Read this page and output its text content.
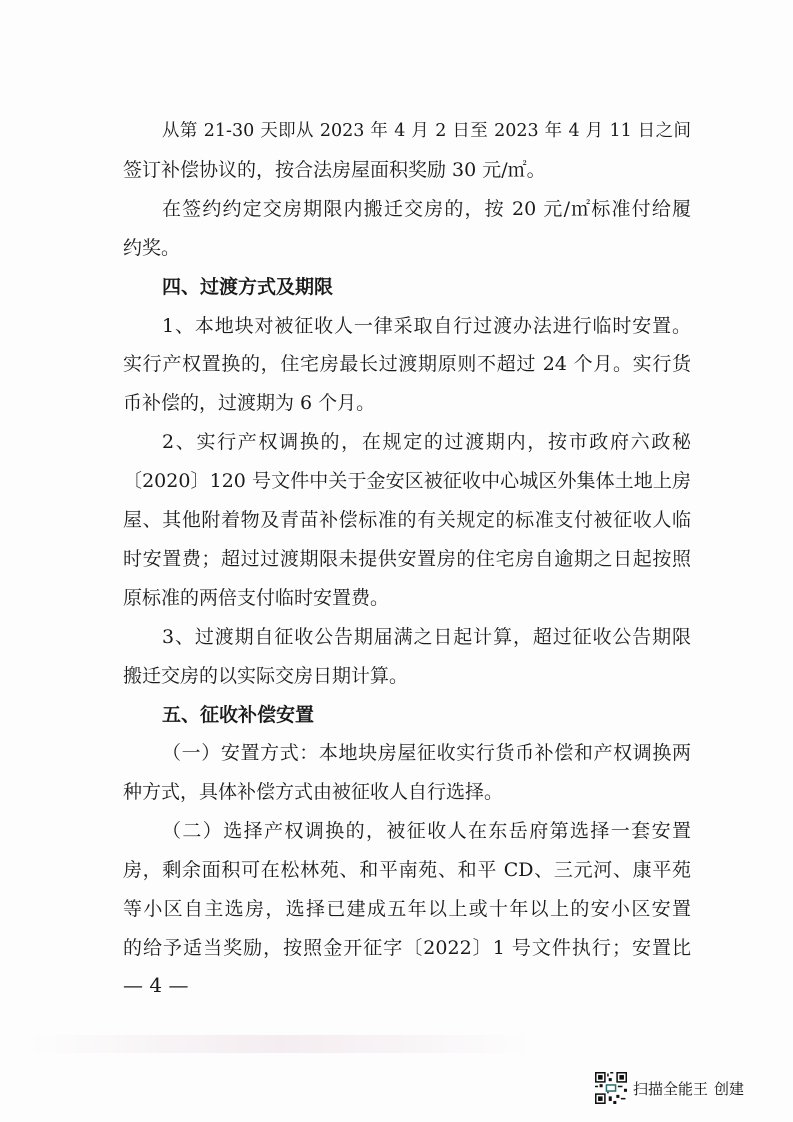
从第 21-30 天即从 2023 年 4 月 2 日至 2023 年 4 月 11 日之间
签订补偿协议的，按合法房屋面积奖励 30 元/㎡。
在签约约定交房期限内搬迁交房的，按 20 元/㎡标准付给履
约奖。
四、过渡方式及期限
1、本地块对被征收人一律采取自行过渡办法进行临时安置。
实行产权置换的，住宅房最长过渡期原则不超过 24 个月。实行货
币补偿的，过渡期为 6 个月。
2、实行产权调换的，在规定的过渡期内，按市政府六政秘
〔2020〕120 号文件中关于金安区被征收中心城区外集体土地上房
屋、其他附着物及青苗补偿标准的有关规定的标准支付被征收人临
时安置费；超过过渡期限未提供安置房的住宅房自逾期之日起按照
原标准的两倍支付临时安置费。
3、过渡期自征收公告期届满之日起计算，超过征收公告期限
搬迁交房的以实际交房日期计算。
五、征收补偿安置
（一）安置方式：本地块房屋征收实行货币补偿和产权调换两
种方式，具体补偿方式由被征收人自行选择。
（二）选择产权调换的，被征收人在东岳府第选择一套安置
房，剩余面积可在松林苑、和平南苑、和平 CD、三元河、康平苑
等小区自主选房，选择已建成五年以上或十年以上的安小区安置
的给予适当奖励，按照金开征字〔2022〕1 号文件执行；安置比
— 4 —
扫描全能王 创建
